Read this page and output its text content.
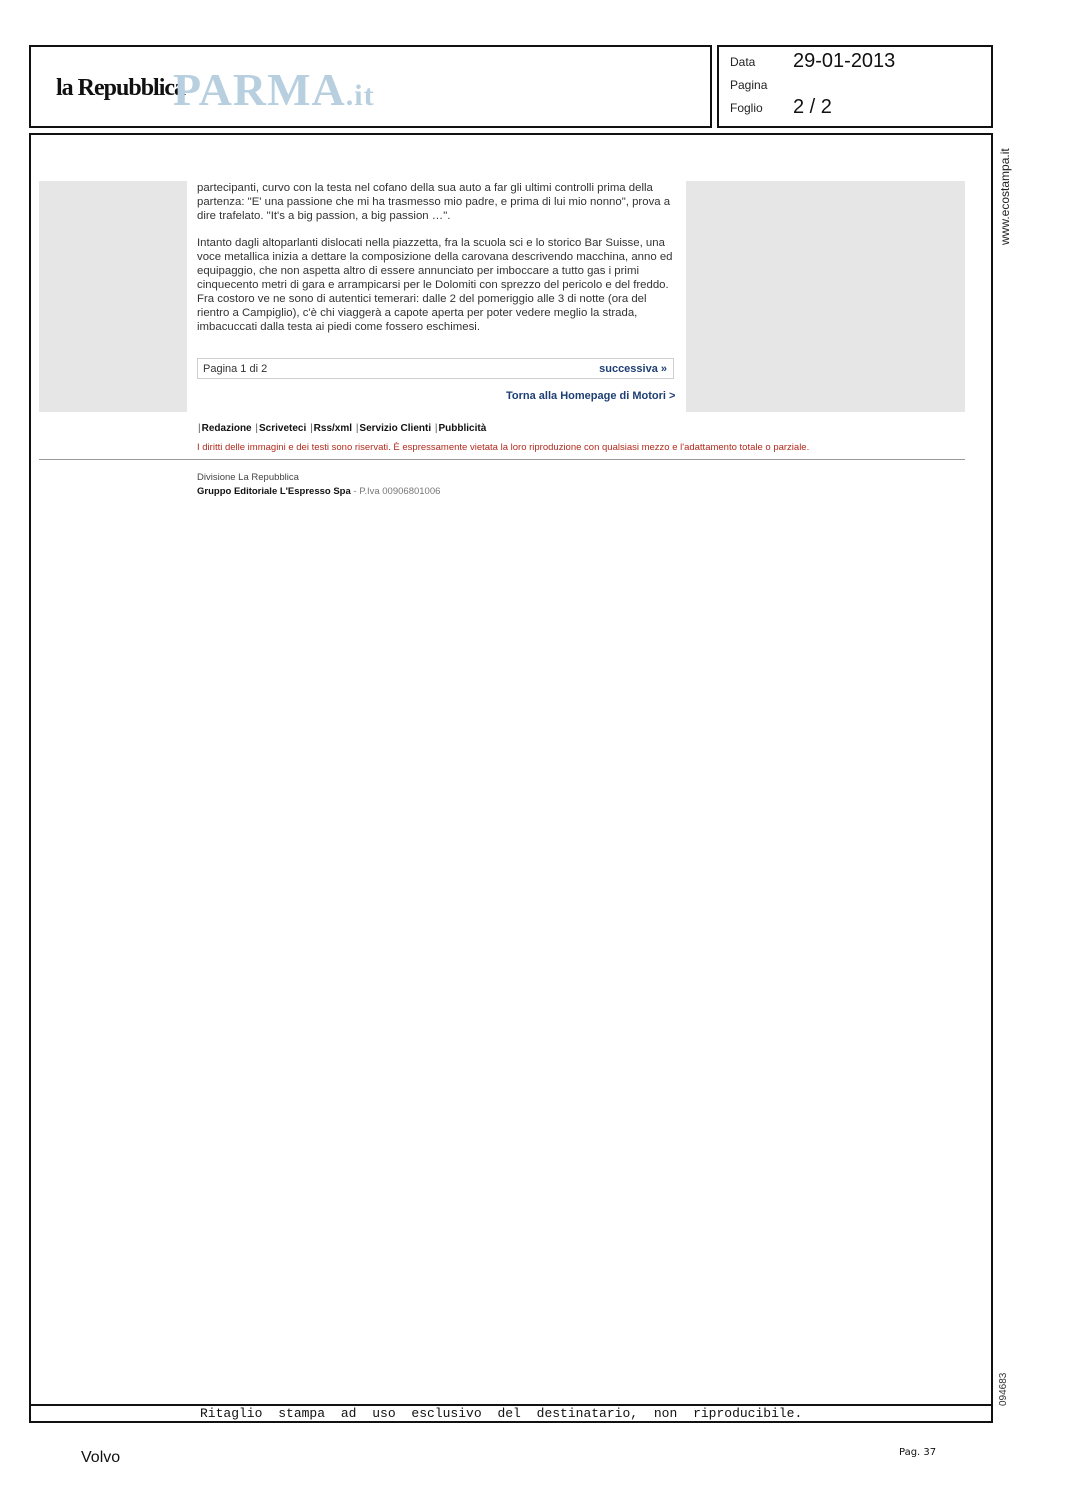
la Repubblica
PARMA.it
Data 29-01-2013
Pagina
Foglio 2 / 2
Ritaglio stampa ad uso esclusivo del destinatario, non riproducibile.
www.ecostampa.it
094683

partecipanti, curvo con la testa nel cofano della sua auto a far gli ultimi controlli prima della partenza: "E' una passione che mi ha trasmesso mio padre, e prima di lui mio nonno", prova a dire trafelato. "It's a big passion, a big passion …".

Intanto dagli altoparlanti dislocati nella piazzetta, fra la scuola sci e lo storico Bar Suisse, una voce metallica inizia a dettare la composizione della carovana descrivendo macchina, anno ed equipaggio, che non aspetta altro di essere annunciato per imboccare a tutto gas i primi cinquecento metri di gara e arrampicarsi per le Dolomiti con sprezzo del pericolo e del freddo. Fra costoro ve ne sono di autentici temerari: dalle 2 del pomeriggio alle 3 di notte (ora del rientro a Campiglio), c'è chi viaggerà a capote aperta per poter vedere meglio la strada, imbacuccati dalla testa ai piedi come fossero eschimesi.

Pagina 1 di 2	successiva »
Torna alla Homepage di Motori >
|Redazione |Scriveteci |Rss/xml |Servizio Clienti |Pubblicità
I diritti delle immagini e dei testi sono riservati. È espressamente vietata la loro riproduzione con qualsiasi mezzo e l'adattamento totale o parziale.
Divisione La Repubblica
Gruppo Editoriale L'Espresso Spa - P.Iva 00906801006
Volvo	Pag. 37
